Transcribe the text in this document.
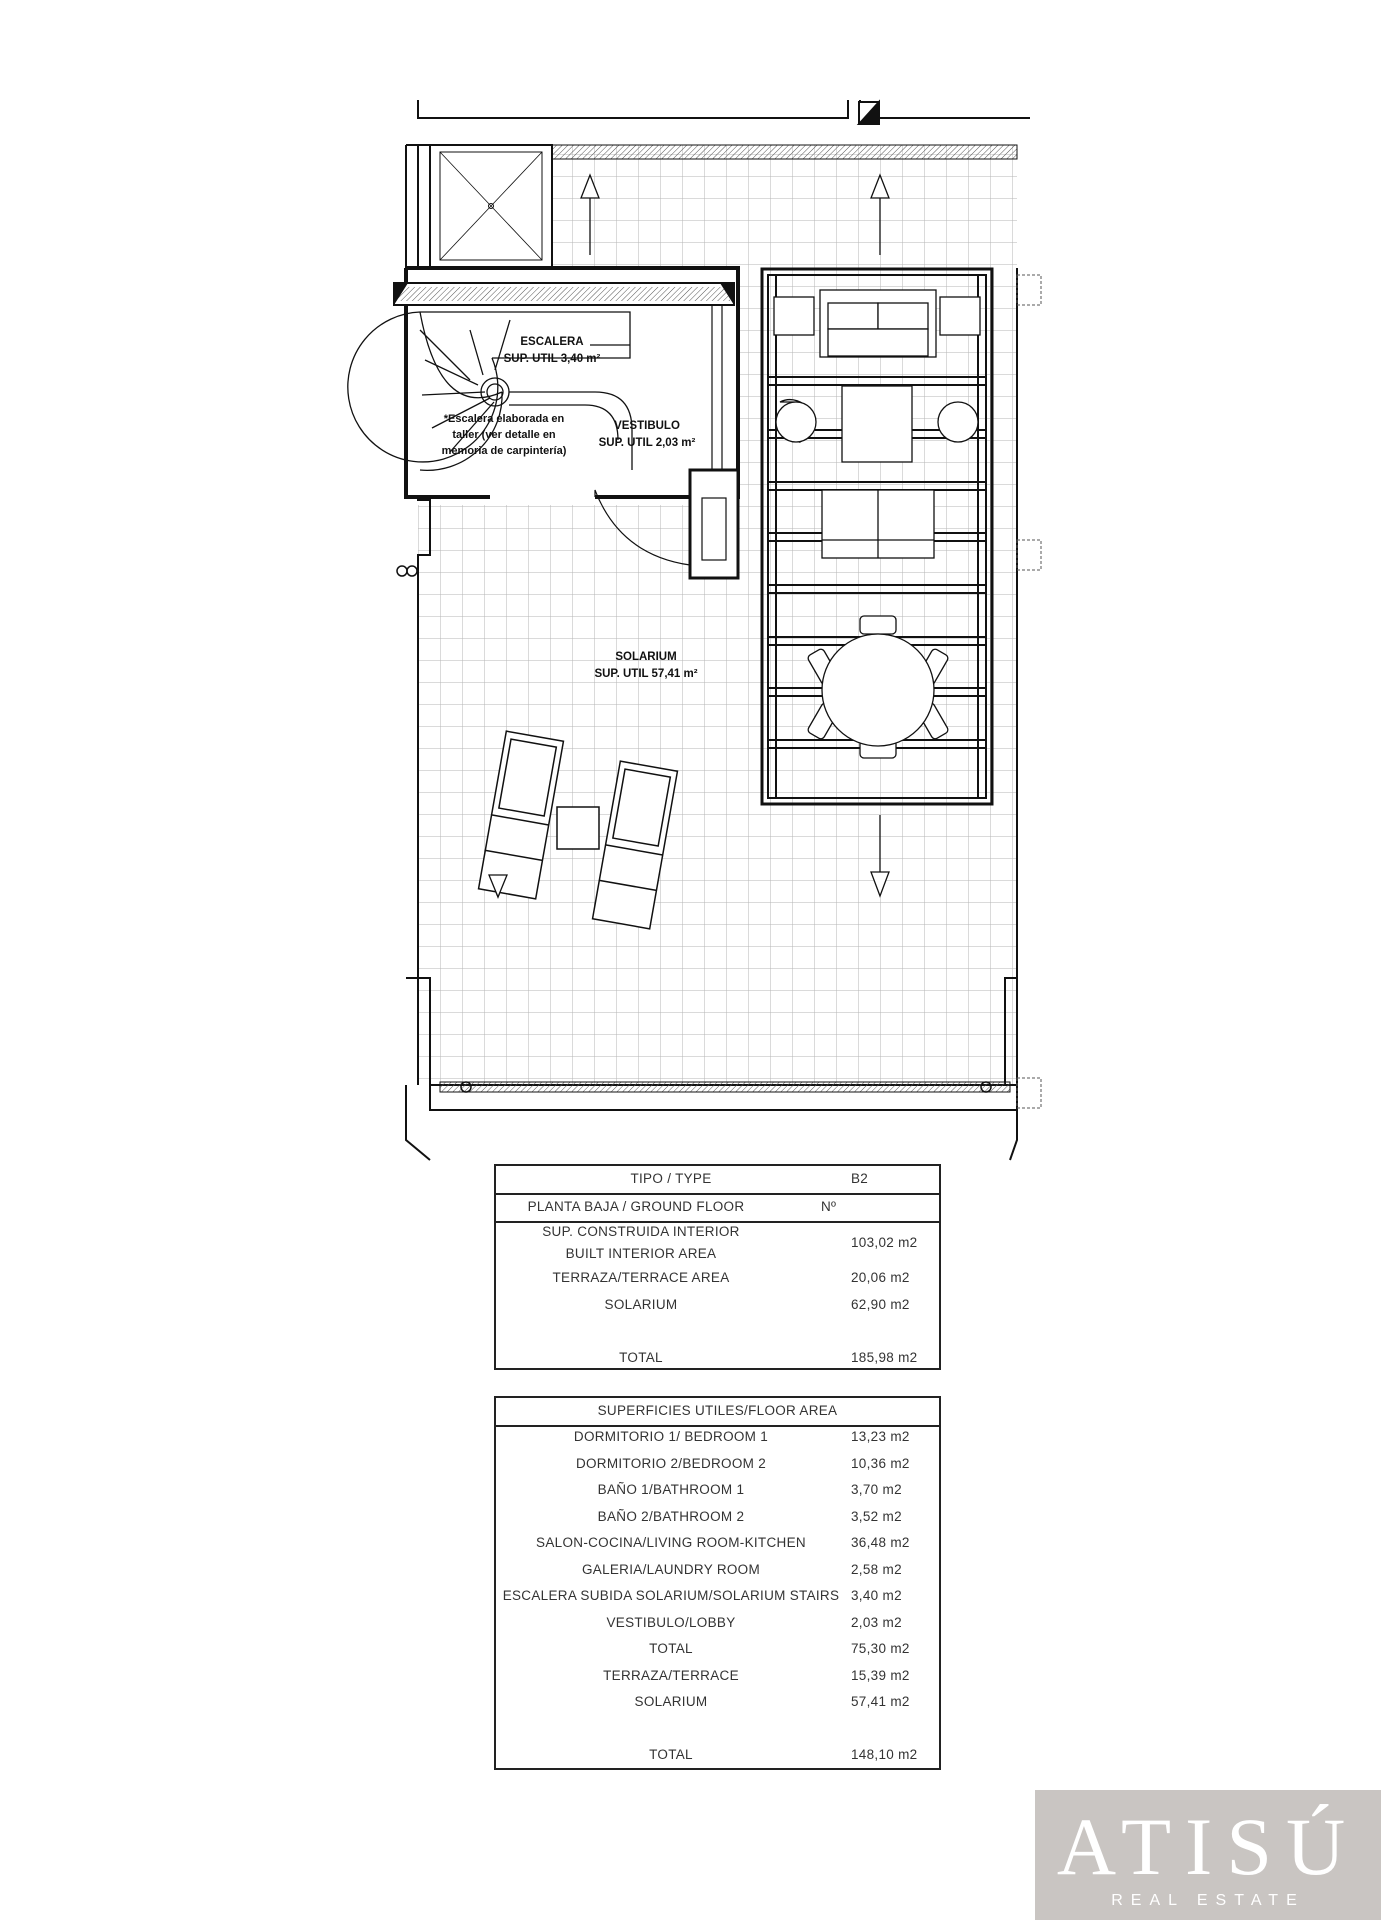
ESCALERA
SUP. UTIL 3,40 m²
*Escalera elaborada en
taller (ver detalle en
memoria de carpintería)
VESTIBULO
SUP. UTIL 2,03 m²
SOLARIUM
SUP. UTIL 57,41 m²
TIPO / TYPE	B2
PLANTA BAJA / GROUND FLOOR	Nº
SUP. CONSTRUIDA INTERIOR
BUILT INTERIOR AREA
103,02 m2
TERRAZA/TERRACE AREA	20,06 m2
SOLARIUM	62,90 m2
TOTAL	185,98 m2
SUPERFICIES UTILES/FLOOR AREA
DORMITORIO 1/ BEDROOM 1	13,23 m2
DORMITORIO 2/BEDROOM 2	10,36 m2
BAÑO 1/BATHROOM 1	3,70 m2
BAÑO 2/BATHROOM 2	3,52 m2
SALON-COCINA/LIVING ROOM-KITCHEN	36,48 m2
GALERIA/LAUNDRY ROOM	2,58 m2
ESCALERA SUBIDA SOLARIUM/SOLARIUM STAIRS 3,40 m2
VESTIBULO/LOBBY	2,03 m2
TOTAL	75,30 m2
TERRAZA/TERRACE	15,39 m2
SOLARIUM	57,41 m2
TOTAL	148,10 m2
ATISÚ
REAL ESTATE
